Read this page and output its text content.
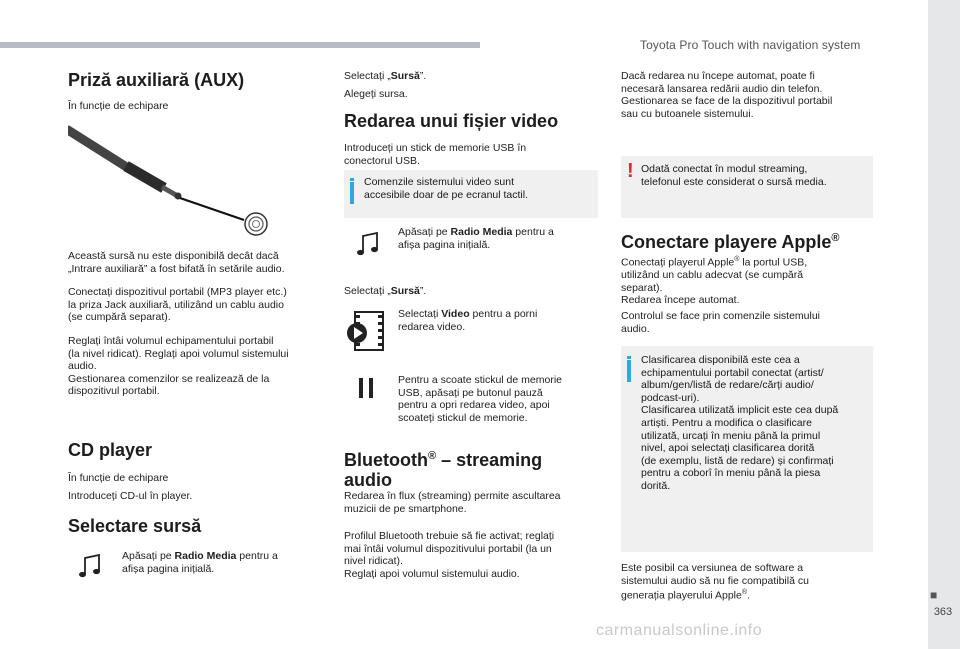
Toyota Pro Touch with navigation system
■
363
carmanualsonline.info
Priză auxiliară (AUX)

În funcție de echipare

Această sursă nu este disponibilă decât dacă
„Intrare auxiliară” a fost bifată în setările audio.

Conectați dispozitivul portabil (MP3 player etc.)
la priza Jack auxiliară, utilizând un cablu audio
(se cumpără separat).

Reglați întâi volumul echipamentului portabil
(la nivel ridicat). Reglați apoi volumul sistemului
audio.
Gestionarea comenzilor se realizează de la
dispozitivul portabil.

CD player

În funcție de echipare

Introduceți CD-ul în player.

Selectare sursă

Apăsați pe Radio Media pentru a
afișa pagina inițială.

Selectați „Sursă”.

Alegeți sursa.

Redarea unui fișier video

Introduceți un stick de memorie USB în
conectorul USB.

Comenzile sistemului video sunt
accesibile doar de pe ecranul tactil.

Apăsați pe Radio Media pentru a
afișa pagina inițială.

Selectați „Sursă”.

Selectați Video pentru a porni
redarea video.

Pentru a scoate stickul de memorie
USB, apăsați pe butonul pauză
pentru a opri redarea video, apoi
scoateți stickul de memorie.

Bluetooth® – streaming
audio

Redarea în flux (streaming) permite ascultarea
muzicii de pe smartphone.

Profilul Bluetooth trebuie să fie activat; reglați
mai întâi volumul dispozitivului portabil (la un
nivel ridicat).
Reglați apoi volumul sistemului audio.

Dacă redarea nu începe automat, poate fi
necesară lansarea redării audio din telefon.
Gestionarea se face de la dispozitivul portabil
sau cu butoanele sistemului.

! Odată conectat în modul streaming,
telefonul este considerat o sursă media.
Conectare playere Apple®

Conectați playerul Apple® la portul USB,
utilizând un cablu adecvat (se cumpără
separat).
Redarea începe automat.

Controlul se face prin comenzile sistemului
audio.

Clasificarea disponibilă este cea a
echipamentului portabil conectat (artist/
album/gen/listă de redare/cărți audio/
podcast-uri).
Clasificarea utilizată implicit este cea după
artiști. Pentru a modifica o clasificare
utilizată, urcați în meniu până la primul
nivel, apoi selectați clasificarea dorită
(de exemplu, listă de redare) și confirmați
pentru a coborî în meniu până la piesa
dorită.

Este posibil ca versiunea de software a
sistemului audio să nu fie compatibilă cu
generația playerului Apple®.
